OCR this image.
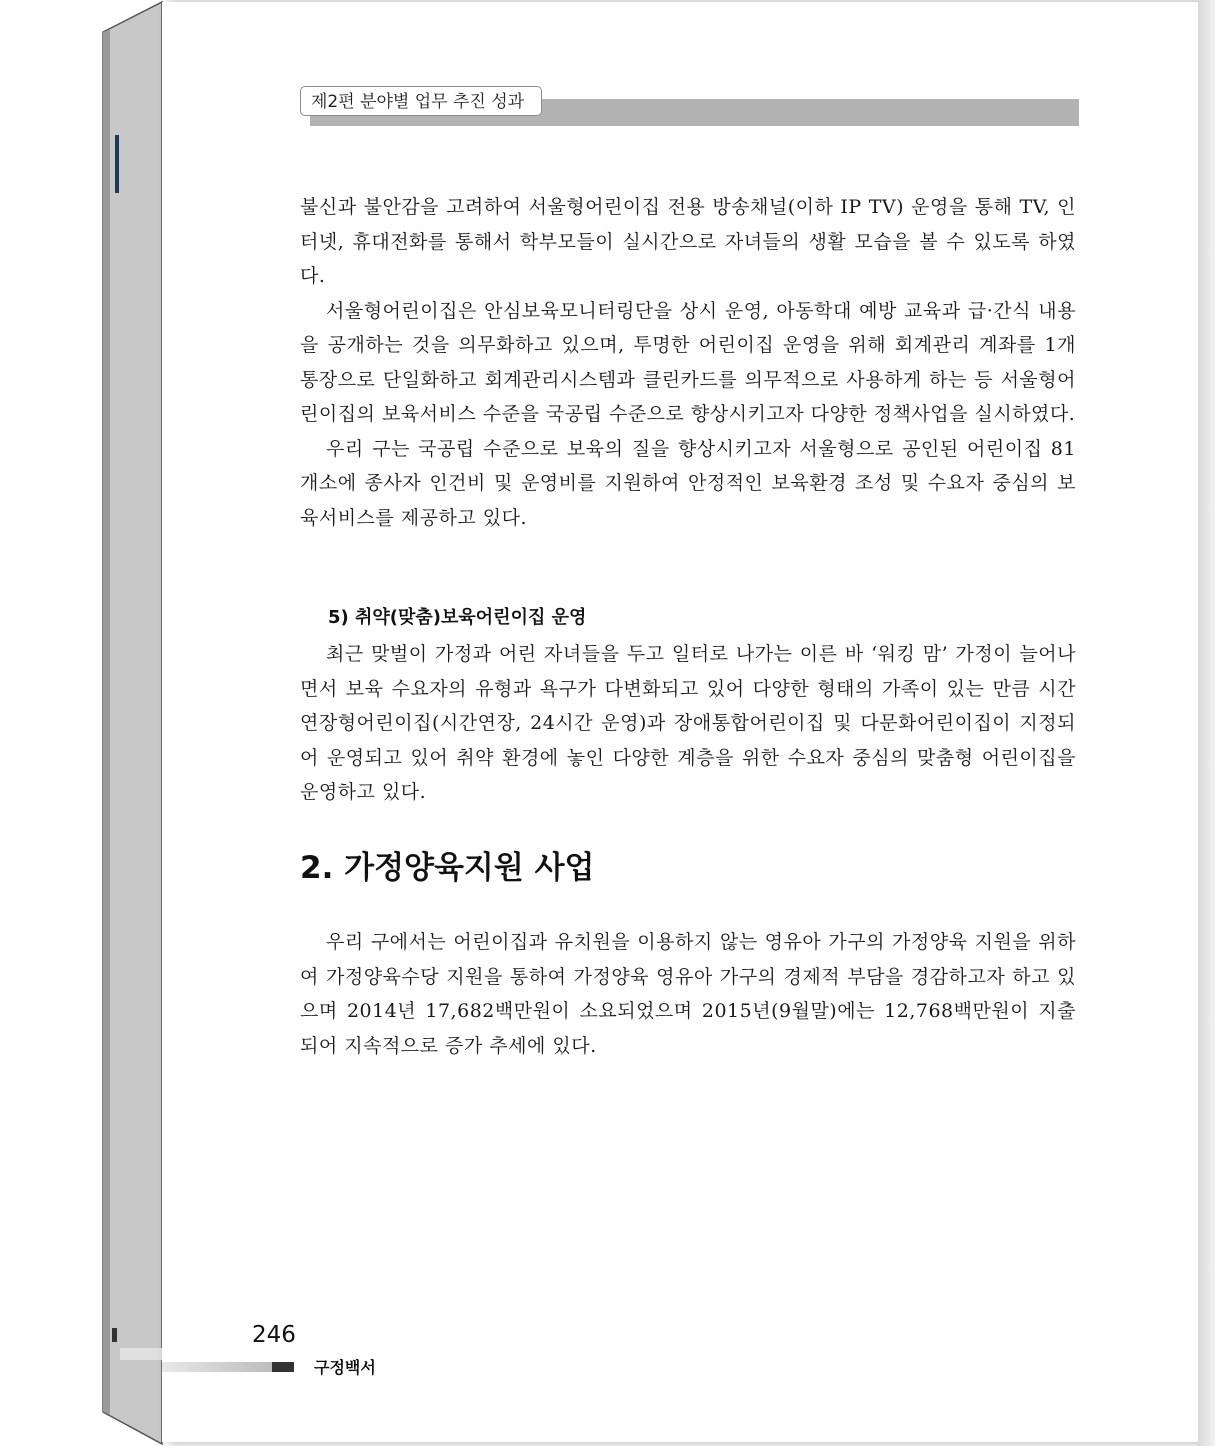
제2편 분야별 업무 추진 성과

불신과 불안감을 고려하여 서울형어린이집 전용 방송채널(이하 IP TV) 운영을 통해 TV, 인터넷, 휴대전화를 통해서 학부모들이 실시간으로 자녀들의 생활 모습을 볼 수 있도록 하였다.

서울형어린이집은 안심보육모니터링단을 상시 운영, 아동학대 예방 교육과 급·간식 내용을 공개하는 것을 의무화하고 있으며, 투명한 어린이집 운영을 위해 회계관리 계좌를 1개 통장으로 단일화하고 회계관리시스템과 클린카드를 의무적으로 사용하게 하는 등 서울형어린이집의 보육서비스 수준을 국공립 수준으로 향상시키고자 다양한 정책사업을 실시하였다.

우리 구는 국공립 수준으로 보육의 질을 향상시키고자 서울형으로 공인된 어린이집 81개소에 종사자 인건비 및 운영비를 지원하여 안정적인 보육환경 조성 및 수요자 중심의 보육서비스를 제공하고 있다.

5) 취약(맞춤)보육어린이집 운영

최근 맞벌이 가정과 어린 자녀들을 두고 일터로 나가는 이른 바 ‘워킹 맘’ 가정이 늘어나면서 보육 수요자의 유형과 욕구가 다변화되고 있어 다양한 형태의 가족이 있는 만큼 시간연장형어린이집(시간연장, 24시간 운영)과 장애통합어린이집 및 다문화어린이집이 지정되어 운영되고 있어 취약 환경에 놓인 다양한 계층을 위한 수요자 중심의 맞춤형 어린이집을 운영하고 있다.

2. 가정양육지원 사업

우리 구에서는 어린이집과 유치원을 이용하지 않는 영유아 가구의 가정양육 지원을 위하여 가정양육수당 지원을 통하여 가정양육 영유아 가구의 경제적 부담을 경감하고자 하고 있으며 2014년 17,682백만원이 소요되었으며 2015년(9월말)에는 12,768백만원이 지출되어 지속적으로 증가 추세에 있다.

246
구정백서
